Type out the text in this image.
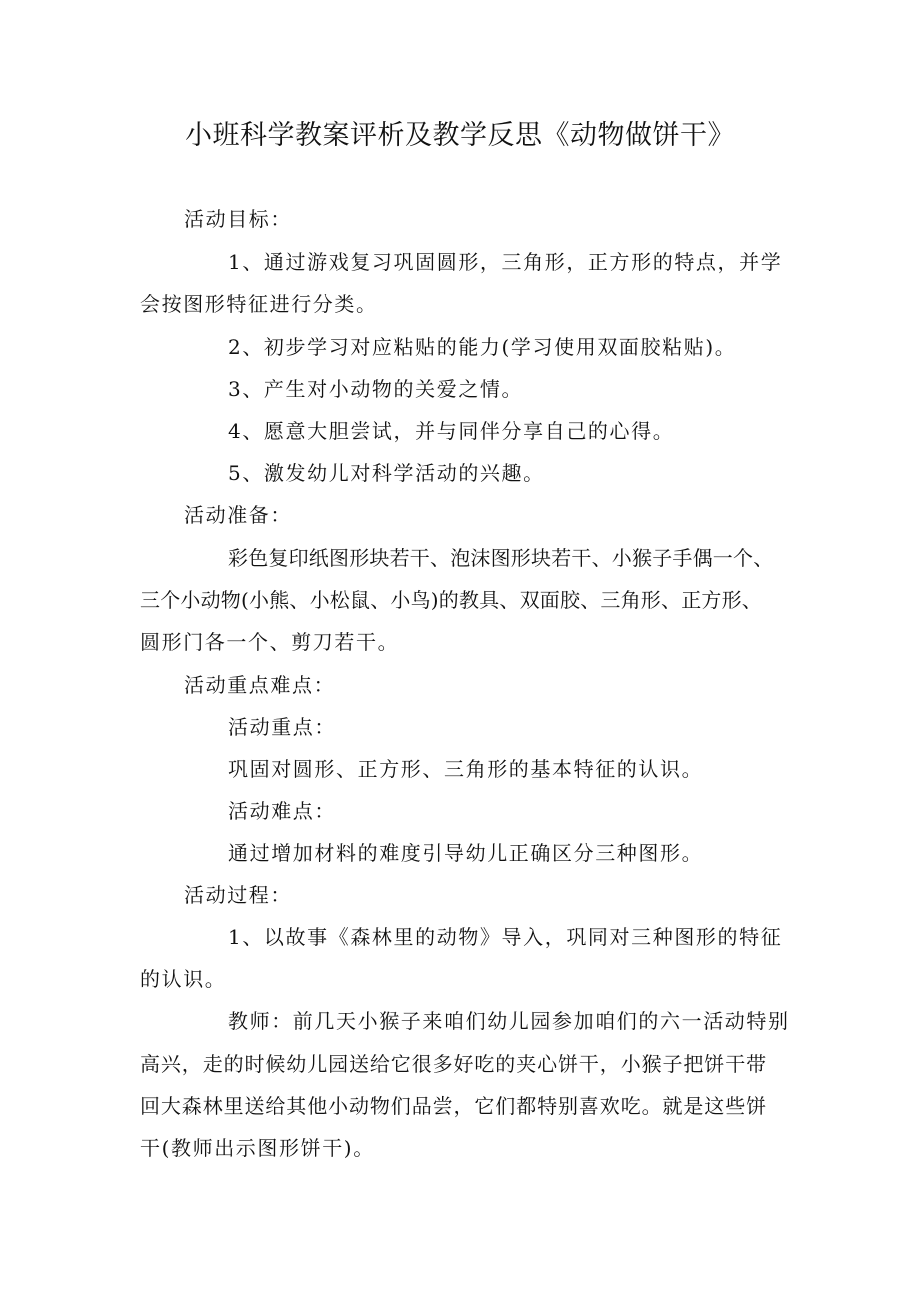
小班科学教案评析及教学反思《动物做饼干》
活动目标：
1、通过游戏复习巩固圆形，三角形，正方形的特点，并学
会按图形特征进行分类。
2、初步学习对应粘贴的能力(学习使用双面胶粘贴)。
3、产生对小动物的关爱之情。
4、愿意大胆尝试，并与同伴分享自己的心得。
5、激发幼儿对科学活动的兴趣。
活动准备：
彩色复印纸图形块若干、泡沫图形块若干、小猴子手偶一个、
三个小动物(小熊、小松鼠、小鸟)的教具、双面胶、三角形、正方形、
圆形门各一个、剪刀若干。
活动重点难点：
活动重点：
巩固对圆形、正方形、三角形的基本特征的认识。
活动难点：
通过增加材料的难度引导幼儿正确区分三种图形。
活动过程：
1、以故事《森林里的动物》导入，巩同对三种图形的特征
的认识。
教师：前几天小猴子来咱们幼儿园参加咱们的六一活动特别
高兴，走的时候幼儿园送给它很多好吃的夹心饼干，小猴子把饼干带
回大森林里送给其他小动物们品尝，它们都特别喜欢吃。就是这些饼
干(教师出示图形饼干)。
